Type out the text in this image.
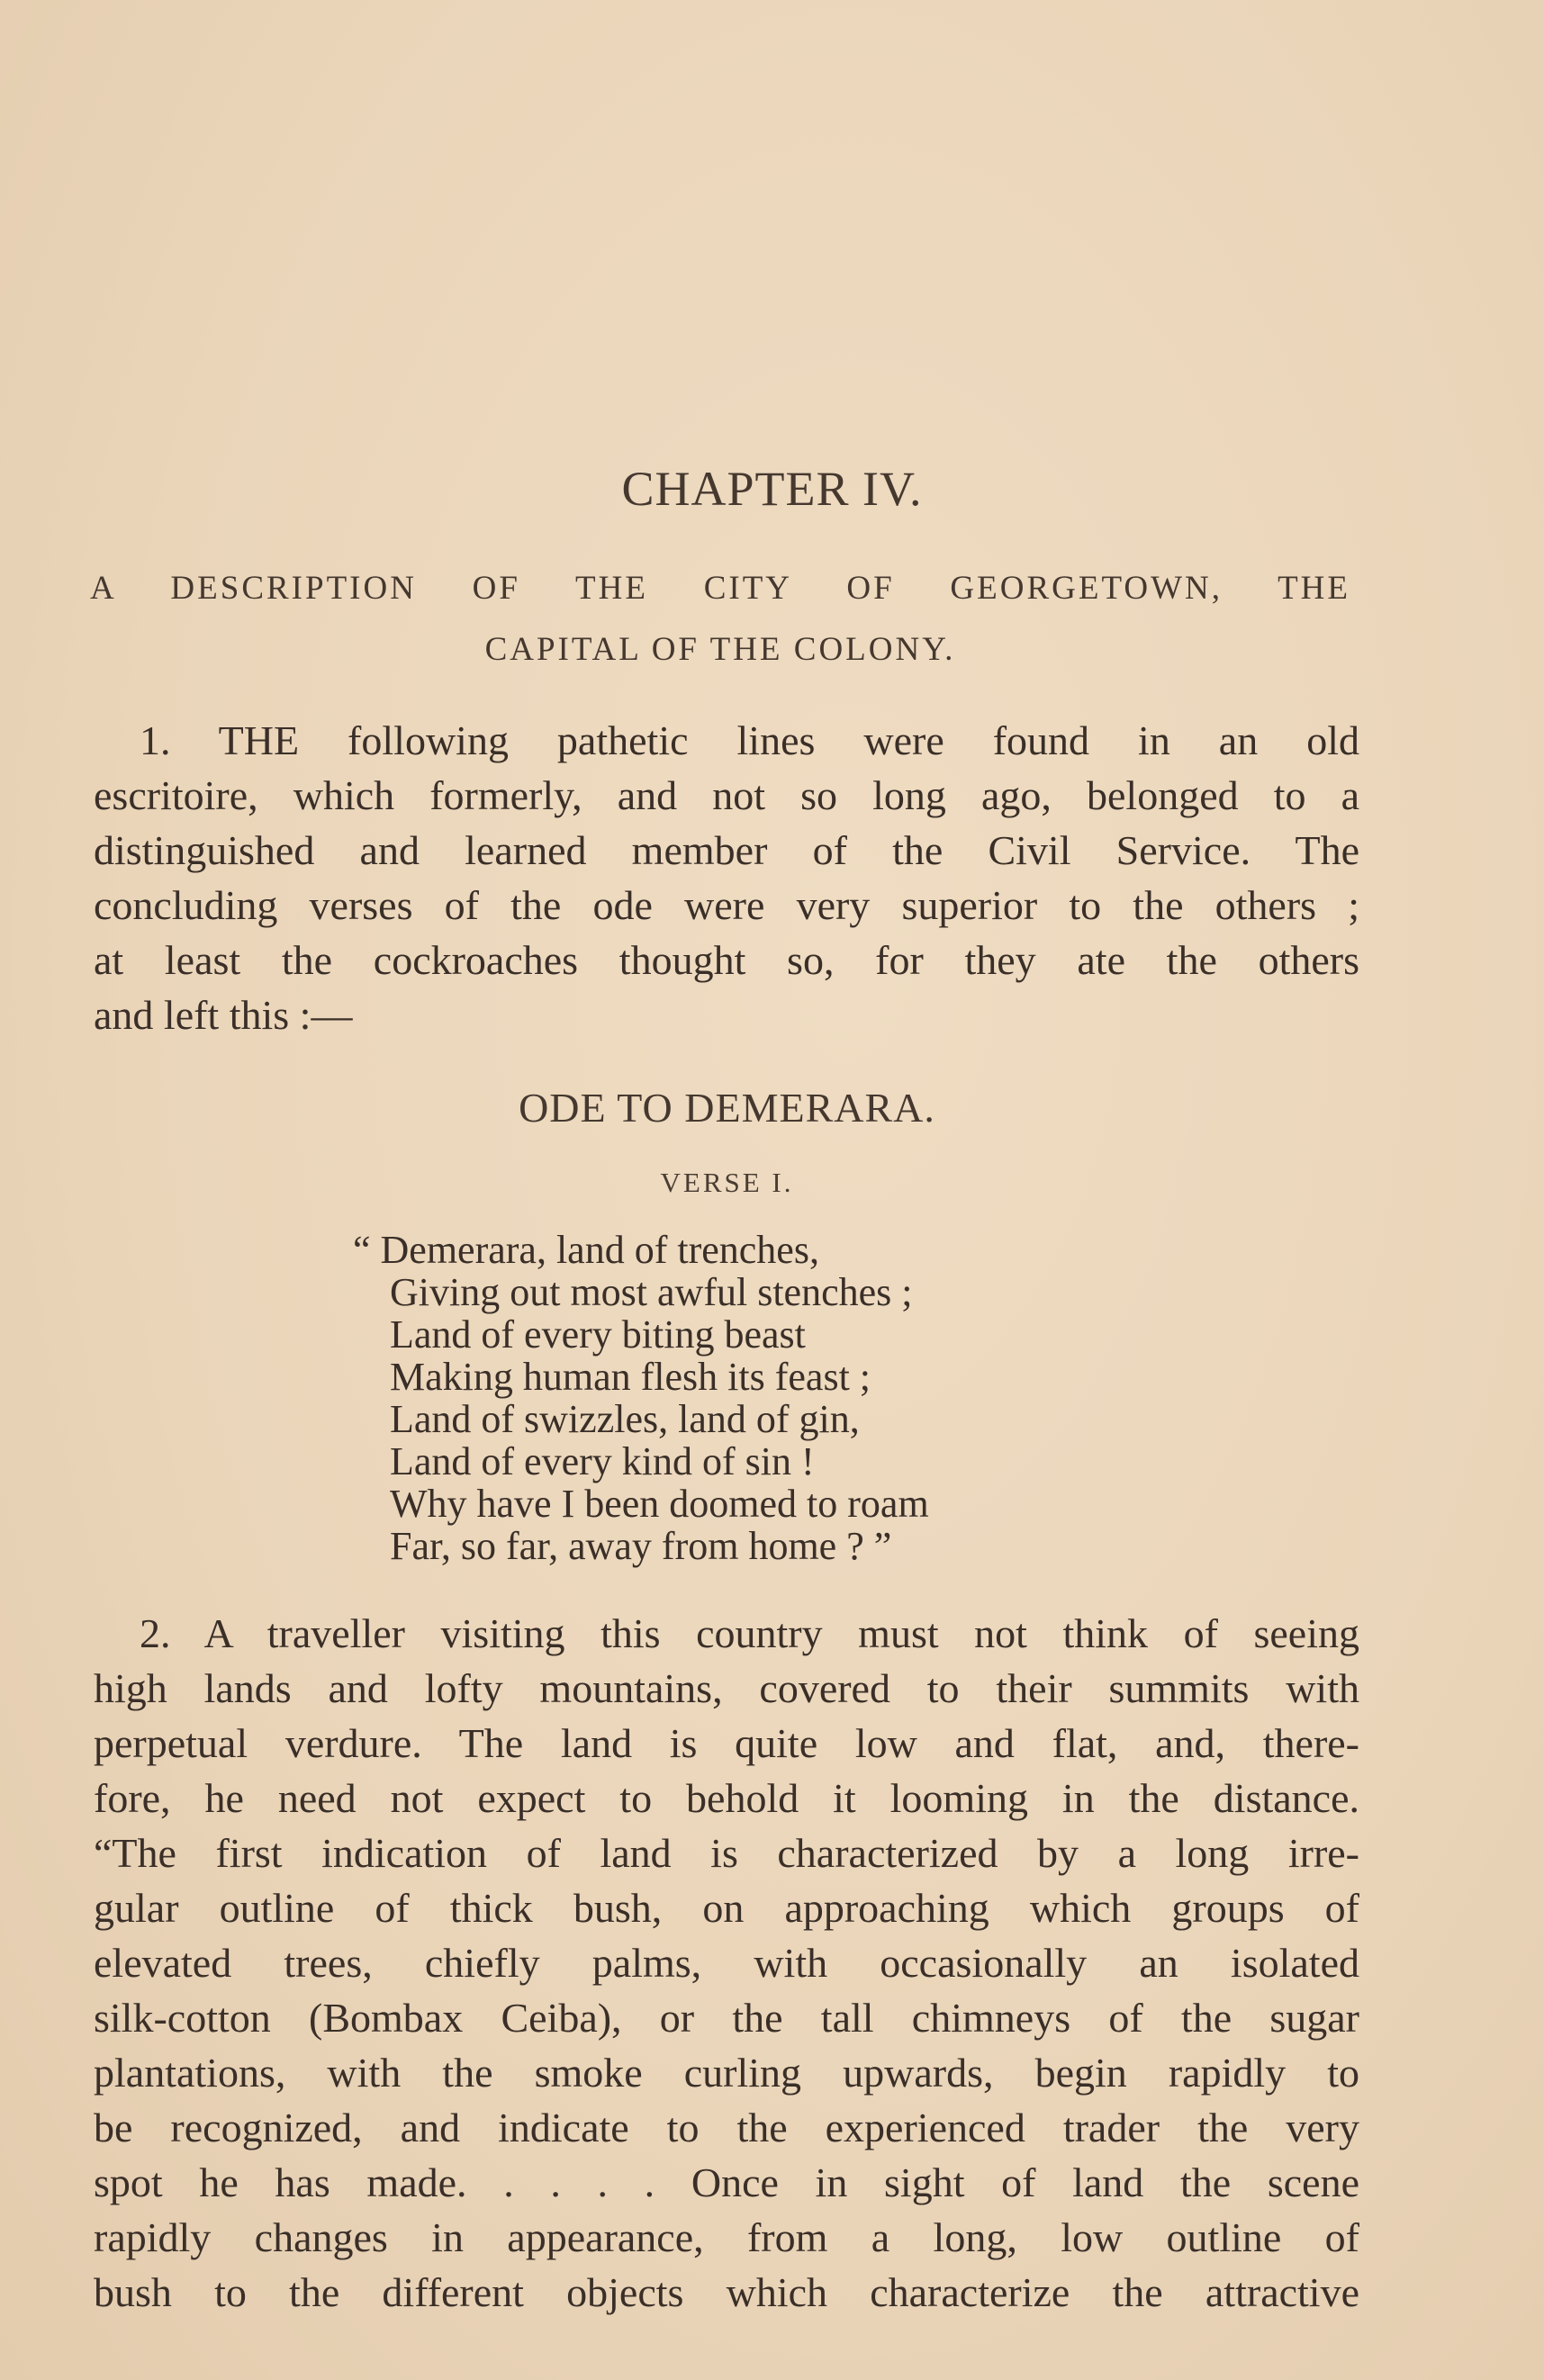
CHAPTER IV.
A DESCRIPTION OF THE CITY OF GEORGETOWN, THE
CAPITAL OF THE COLONY.
1. THE following pathetic lines were found in an old
escritoire, which formerly, and not so long ago, belonged to a
distinguished and learned member of the Civil Service. The
concluding verses of the ode were very superior to the others ;
at least the cockroaches thought so, for they ate the others
and left this :—
ODE TO DEMERARA.
VERSE I.
“ Demerara, land of trenches,
Giving out most awful stenches ;
Land of every biting beast
Making human flesh its feast ;
Land of swizzles, land of gin,
Land of every kind of sin !
Why have I been doomed to roam
Far, so far, away from home ? ”
2. A traveller visiting this country must not think of seeing
high lands and lofty mountains, covered to their summits with
perpetual verdure. The land is quite low and flat, and, there-
fore, he need not expect to behold it looming in the distance.
“The first indication of land is characterized by a long irre-
gular outline of thick bush, on approaching which groups of
elevated trees, chiefly palms, with occasionally an isolated
silk-cotton (Bombax Ceiba), or the tall chimneys of the sugar
plantations, with the smoke curling upwards, begin rapidly to
be recognized, and indicate to the experienced trader the very
spot he has made. . . . . Once in sight of land the scene
rapidly changes in appearance, from a long, low outline of
bush to the different objects which characterize the attractive
